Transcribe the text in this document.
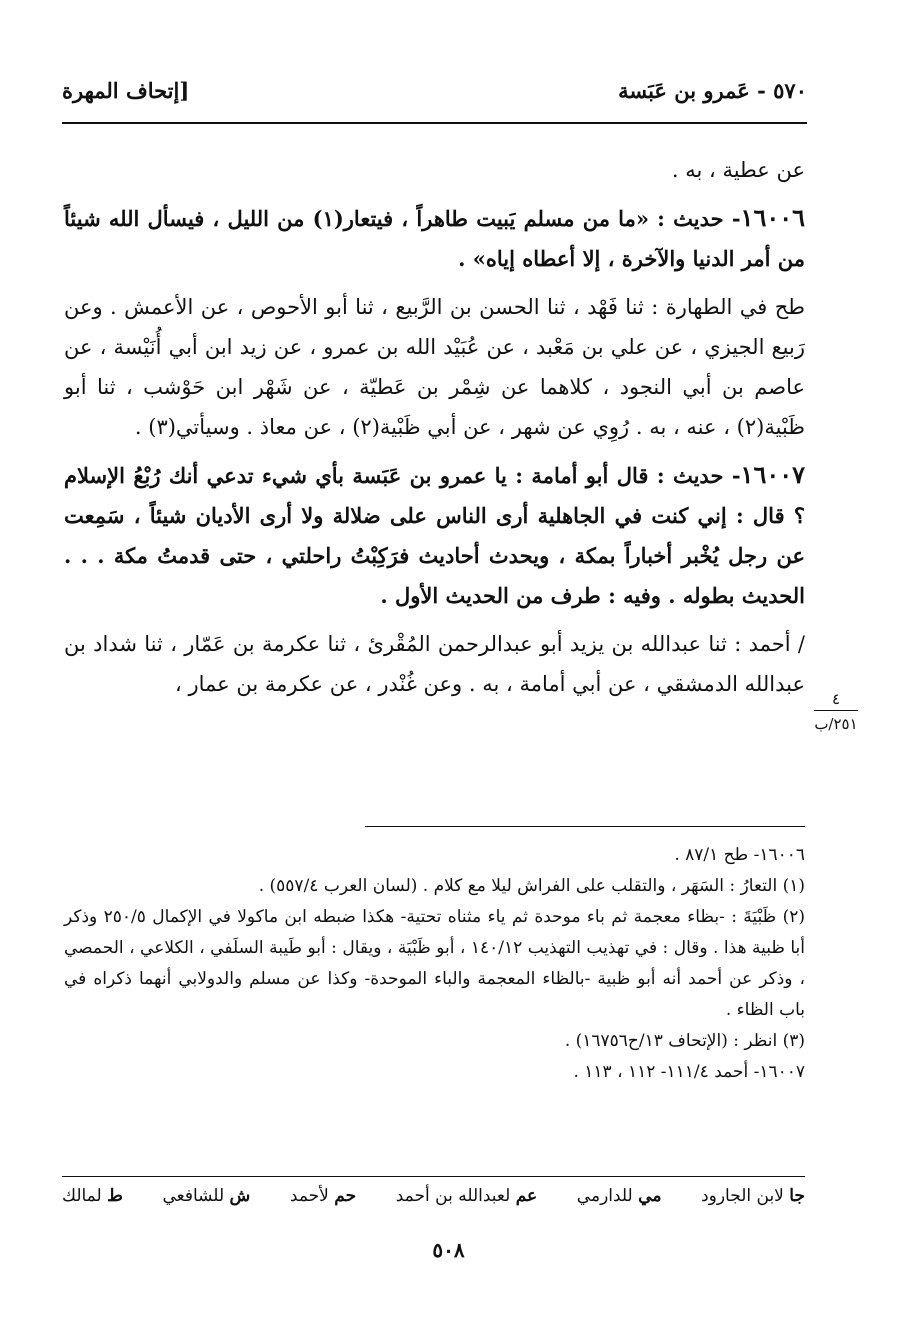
٥٧٠ - عَمرو بن عَبَسة
[إتحاف المهرة

عن عطية ، به .

١٦٠٠٦- حديث : «ما من مسلم يَبيت طاهراً ، فيتعار(١) من الليل ، فيسأل الله شيئاً من أمر الدنيا والآخرة ، إلا أعطاه إياه» .

طح في الطهارة : ثنا فَهْد ، ثنا الحسن بن الرَّبيع ، ثنا أبو الأحوص ، عن الأعمش . وعن رَبيع الجيزي ، عن علي بن مَعْبد ، عن عُبَيْد الله بن عمرو ، عن زيد ابن أبي أُنَيْسة ، عن عاصم بن أبي النجود ، كلاهما عن شِمْر بن عَطيّة ، عن شَهْر ابن حَوْشب ، ثنا أبو ظَبْية(٢) ، عنه ، به . رُوِي عن شهر ، عن أبي ظَبْية(٢) ، عن معاذ . وسيأتي(٣) .

١٦٠٠٧- حديث : قال أبو أمامة : يا عمرو بن عَبَسة بأي شيء تدعي أنك رُبْعُ الإسلام ؟ قال : إني كنت في الجاهلية أرى الناس على ضلالة ولا أرى الأديان شيئاً ، سَمِعت عن رجل يُخْبر أخباراً بمكة ، ويحدث أحاديث فرَكِبْتُ راحلتي ، حتى قدمتُ مكة . . . الحديث بطوله . وفيه : طرف من الحديث الأول .

/ أحمد : ثنا عبدالله بن يزيد أبو عبدالرحمن المُقْرئ ، ثنا عكرمة بن عَمّار ، ثنا شداد بن عبدالله الدمشقي ، عن أبي أمامة ، به . وعن غُنْدر ، عن عكرمة بن عمار ،

٤
٢٥١/ب

١٦٠٠٦- طح ٨٧/١ .

(١) التعارُ : السَهَر ، والتقلب على الفراش ليلا مع كلام . (لسان العرب ٥٥٧/٤) .

(٢) ظَبْيَةَ : -بظاء معجمة ثم باء موحدة ثم ياء مثناه تحتية- هكذا ضبطه ابن ماكولا في الإكمال ٢٥٠/٥ وذكر أبا ظبية هذا . وقال : في تهذيب التهذيب ١٤٠/١٢ ، أبو ظَبْيَة ، ويقال : أبو طَيبة السلَفي ، الكلاعي ، الحمصي ، وذكر عن أحمد أنه أبو ظبية -بالظاء المعجمة والباء الموحدة- وكذا عن مسلم والدولابي أنهما ذكراه في باب الظاء .

(٣) انظر : (الإتحاف ١٣/ح١٦٧٥٦) .

١٦٠٠٧- أحمد ١١١/٤- ١١٢ ، ١١٣ .

ط لمالك	ش للشافعي	حم لأحمد	عم لعبدالله بن أحمد	مي للدارمي	جا لابن الجارود
٥٠٨
